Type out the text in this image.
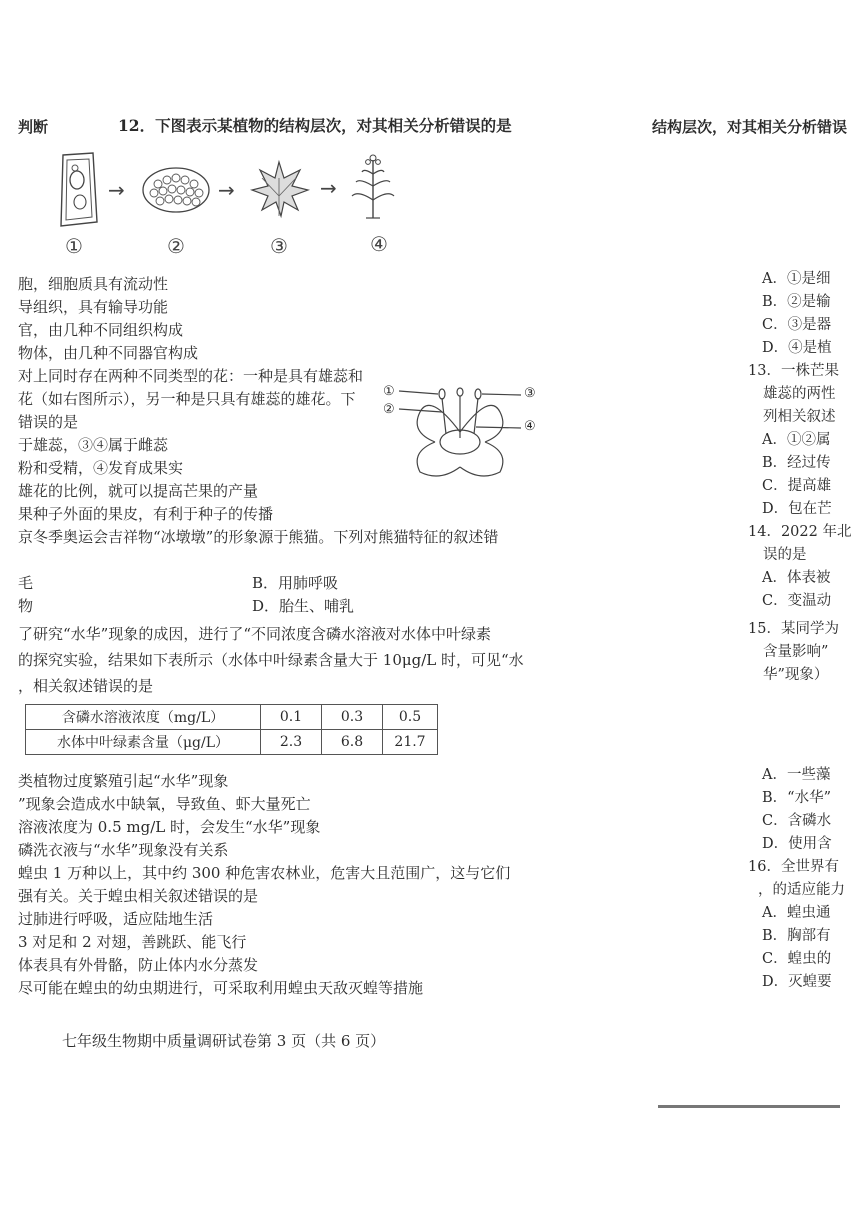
判断	12．下图表示某植物的结构层次，对其相关分析错误的是	结构层次，对其相关分析错误
→	→	→
①	②	③	④
胞，细胞质具有流动性
导组织，具有输导功能
官，由几种不同组织构成
物体，由几种不同器官构成
对上同时存在两种不同类型的花：一种是具有雄蕊和
花（如右图所示），另一种是只具有雄蕊的雄花。下
错误的是
于雄蕊，③④属于雌蕊
粉和受精，④发育成果实
雄花的比例，就可以提高芒果的产量
果种子外面的果皮，有利于种子的传播
京冬季奥运会吉祥物“冰墩墩”的形象源于熊猫。下列对熊猫特征的叙述错
①
②
③
④
毛	B．用肺呼吸
物	D．胎生、哺乳
了研究“水华”现象的成因，进行了“不同浓度含磷水溶液对水体中叶绿素
的探究实验，结果如下表所示（水体中叶绿素含量大于 10μg/L 时，可见“水
，相关叙述错误的是
含磷水溶液浓度（mg/L）	0.1	0.3	0.5
水体中叶绿素含量（μg/L）	2.3	6.8	21.7
类植物过度繁殖引起“水华”现象
”现象会造成水中缺氧，导致鱼、虾大量死亡
溶液浓度为 0.5 mg/L 时，会发生“水华”现象
磷洗衣液与“水华”现象没有关系
蝗虫 1 万种以上，其中约 300 种危害农林业，危害大且范围广，这与它们
强有关。关于蝗虫相关叙述错误的是
过肺进行呼吸，适应陆地生活
3 对足和 2 对翅，善跳跃、能飞行
体表具有外骨骼，防止体内水分蒸发
尽可能在蝗虫的幼虫期进行，可采取利用蝗虫天敌灭蝗等措施
七年级生物期中质量调研试卷第 3 页（共 6 页）
A．①是细
B．②是输
C．③是器
D．④是植
13．一株芒果
雄蕊的两性
列相关叙述
A．①②属
B．经过传
C．提高雄
D．包在芒
14．2022 年北
误的是
A．体表被
C．变温动
15．某同学为
含量影响”
华”现象）
A．一些藻
B．“水华”
C．含磷水
D．使用含
16．全世界有
，的适应能力
A．蝗虫通
B．胸部有
C．蝗虫的
D．灭蝗要
